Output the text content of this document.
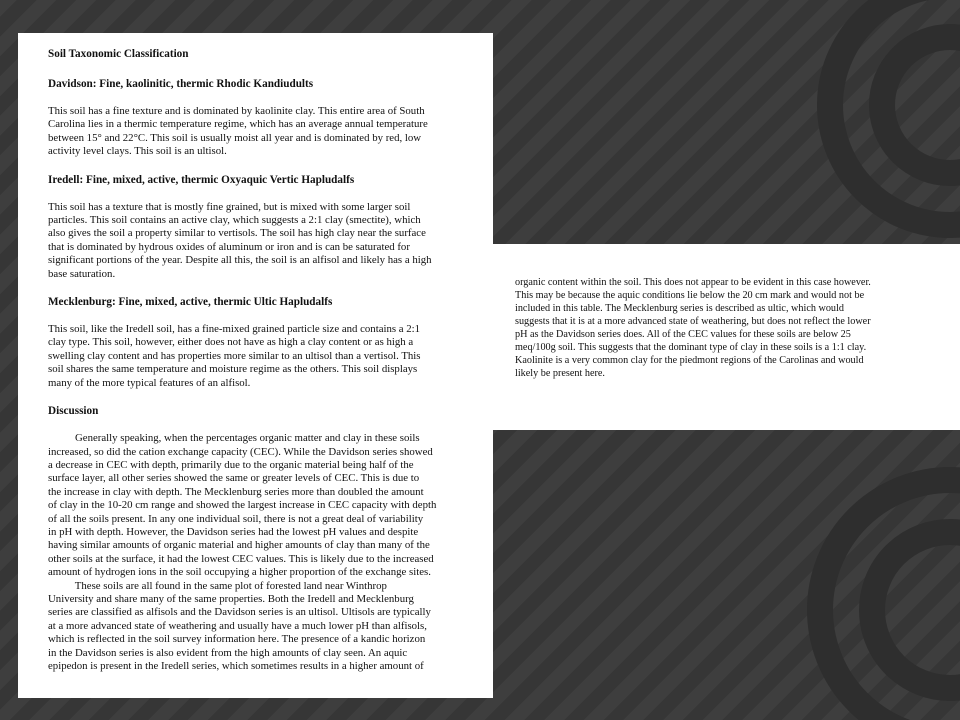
Soil Taxonomic Classification

Davidson: Fine, kaolinitic, thermic Rhodic Kandiudults

This soil has a fine texture and is dominated by kaolinite clay. This entire area of South
Carolina lies in a thermic temperature regime, which has an average annual temperature
between 15° and 22°C. This soil is usually moist all year and is dominated by red, low
activity level clays. This soil is an ultisol.

Iredell: Fine, mixed, active, thermic Oxyaquic Vertic Hapludalfs

This soil has a texture that is mostly fine grained, but is mixed with some larger soil
particles. This soil contains an active clay, which suggests a 2:1 clay (smectite), which
also gives the soil a property similar to vertisols. The soil has high clay near the surface
that is dominated by hydrous oxides of aluminum or iron and is can be saturated for
significant portions of the year. Despite all this, the soil is an alfisol and likely has a high
base saturation.

Mecklenburg: Fine, mixed, active, thermic Ultic Hapludalfs

This soil, like the Iredell soil, has a fine-mixed grained particle size and contains a 2:1
clay type. This soil, however, either does not have as high a clay content or as high a
swelling clay content and has properties more similar to an ultisol than a vertisol. This
soil shares the same temperature and moisture regime as the others. This soil displays
many of the more typical features of an alfisol.

Discussion

Generally speaking, when the percentages organic matter and clay in these soils
increased, so did the cation exchange capacity (CEC). While the Davidson series showed
a decrease in CEC with depth, primarily due to the organic material being half of the
surface layer, all other series showed the same or greater levels of CEC. This is due to
the increase in clay with depth. The Mecklenburg series more than doubled the amount
of clay in the 10-20 cm range and showed the largest increase in CEC capacity with depth
of all the soils present. In any one individual soil, there is not a great deal of variability
in pH with depth. However, the Davidson series had the lowest pH values and despite
having similar amounts of organic material and higher amounts of clay than many of the
other soils at the surface, it had the lowest CEC values. This is likely due to the increased
amount of hydrogen ions in the soil occupying a higher proportion of the exchange sites.

These soils are all found in the same plot of forested land near Winthrop
University and share many of the same properties. Both the Iredell and Mecklenburg
series are classified as alfisols and the Davidson series is an ultisol. Ultisols are typically
at a more advanced state of weathering and usually have a much lower pH than alfisols,
which is reflected in the soil survey information here. The presence of a kandic horizon
in the Davidson series is also evident from the high amounts of clay seen. An aquic
epipedon is present in the Iredell series, which sometimes results in a higher amount of

organic content within the soil. This does not appear to be evident in this case however.
This may be because the aquic conditions lie below the 20 cm mark and would not be
included in this table. The Mecklenburg series is described as ultic, which would
suggests that it is at a more advanced state of weathering, but does not reflect the lower
pH as the Davidson series does. All of the CEC values for these soils are below 25
meq/100g soil. This suggests that the dominant type of clay in these soils is a 1:1 clay.
Kaolinite is a very common clay for the piedmont regions of the Carolinas and would
likely be present here.
